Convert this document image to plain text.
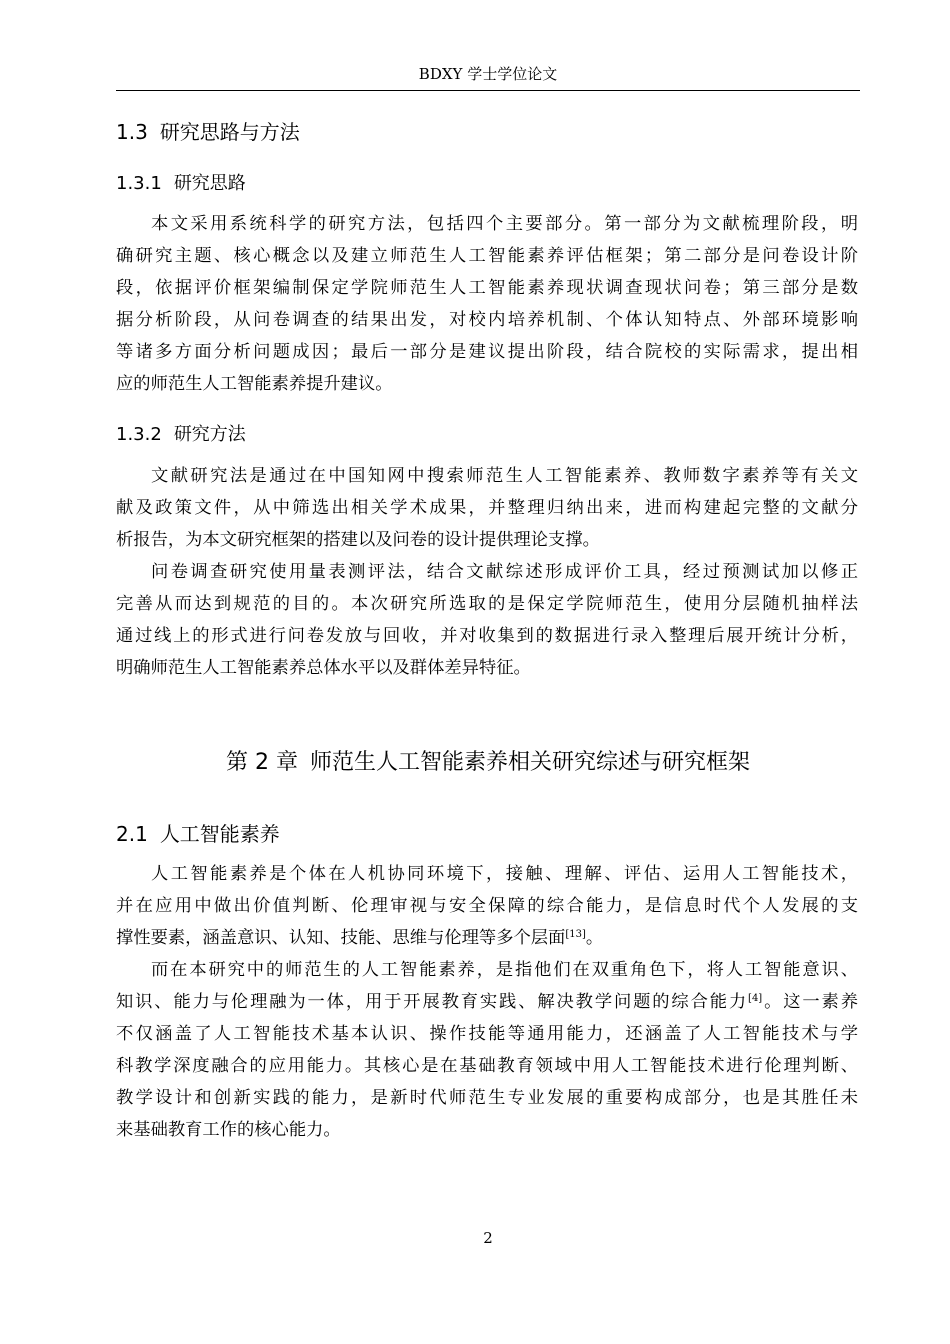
BDXY 学士学位论文
1.3 研究思路与方法
1.3.1 研究思路

本文采用系统科学的研究方法，包括四个主要部分。第一部分为文献梳理阶段，明
确研究主题、核心概念以及建立师范生人工智能素养评估框架；第二部分是问卷设计阶
段，依据评价框架编制保定学院师范生人工智能素养现状调查现状问卷；第三部分是数
据分析阶段，从问卷调查的结果出发，对校内培养机制、个体认知特点、外部环境影响
等诸多方面分析问题成因；最后一部分是建议提出阶段，结合院校的实际需求，提出相
应的师范生人工智能素养提升建议。

1.3.2 研究方法

文献研究法是通过在中国知网中搜索师范生人工智能素养、教师数字素养等有关文
献及政策文件，从中筛选出相关学术成果，并整理归纳出来，进而构建起完整的文献分
析报告，为本文研究框架的搭建以及问卷的设计提供理论支撑。

问卷调查研究使用量表测评法，结合文献综述形成评价工具，经过预测试加以修正
完善从而达到规范的目的。本次研究所选取的是保定学院师范生，使用分层随机抽样法
通过线上的形式进行问卷发放与回收，并对收集到的数据进行录入整理后展开统计分析，
明确师范生人工智能素养总体水平以及群体差异特征。

第 2 章 师范生人工智能素养相关研究综述与研究框架
2.1 人工智能素养

人工智能素养是个体在人机协同环境下，接触、理解、评估、运用人工智能技术，
并在应用中做出价值判断、伦理审视与安全保障的综合能力，是信息时代个人发展的支
撑性要素，涵盖意识、认知、技能、思维与伦理等多个层面[13]。

而在本研究中的师范生的人工智能素养，是指他们在双重角色下，将人工智能意识、
知识、能力与伦理融为一体，用于开展教育实践、解决教学问题的综合能力[4]。这一素养
不仅涵盖了人工智能技术基本认识、操作技能等通用能力，还涵盖了人工智能技术与学
科教学深度融合的应用能力。其核心是在基础教育领域中用人工智能技术进行伦理判断、
教学设计和创新实践的能力，是新时代师范生专业发展的重要构成部分，也是其胜任未
来基础教育工作的核心能力。

2
